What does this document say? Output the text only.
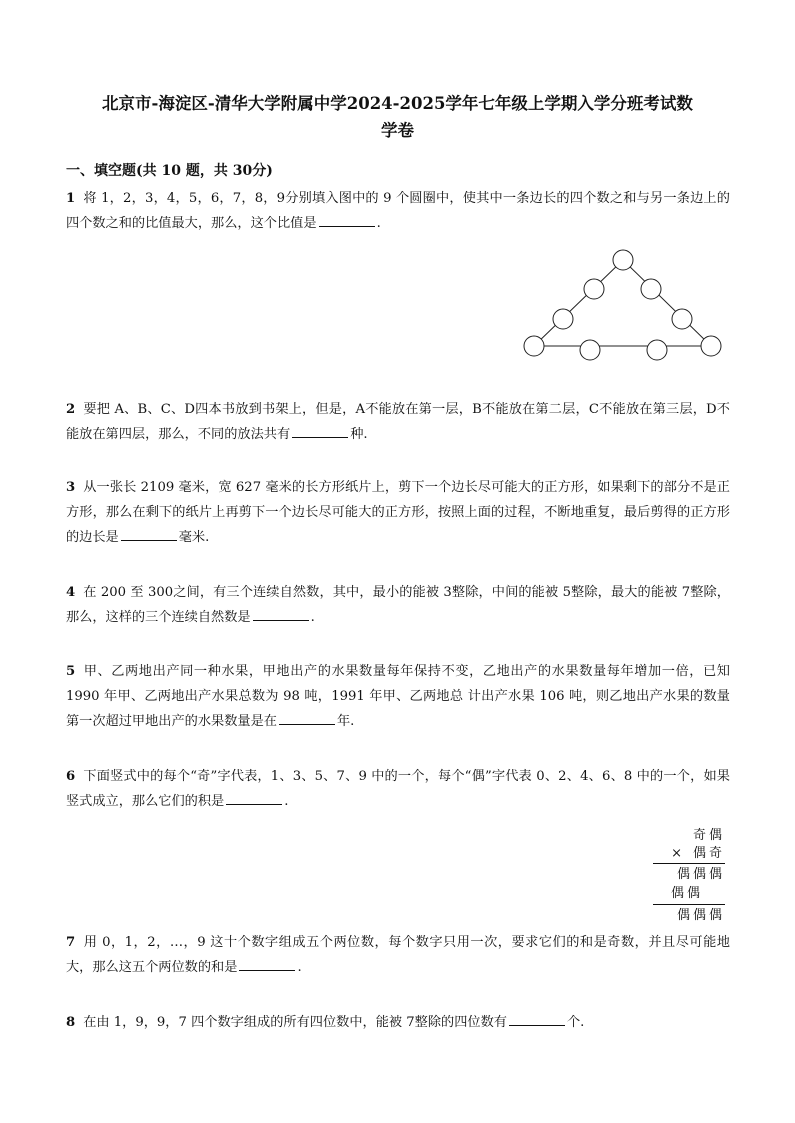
北京市-海淀区-清华大学附属中学2024-2025学年七年级上学期入学分班考试数
学卷
一、填空题(共 10 题，共 30分)
1 将 1，2，3，4，5，6，7，8，9分别填入图中的 9 个圆圈中，使其中一条边长的四个数之和与另一条边上的四个数之和的比值最大，那么，这个比值是	.
2 要把 A、B、C、D四本书放到书架上，但是，A不能放在第一层，B不能放在第二层，C不能放在第三层，D不能放在第四层，那么，不同的放法共有	种.
3 从一张长 2109 毫米，宽 627 毫米的长方形纸片上，剪下一个边长尽可能大的正方形，如果剩下的部分不是正方形，那么在剩下的纸片上再剪下一个边长尽可能大的正方形，按照上面的过程，不断地重复，最后剪得的正方形的边长是	毫米.
4 在 200 至 300之间，有三个连续自然数，其中，最小的能被 3整除，中间的能被 5整除，最大的能被 7整除，那么，这样的三个连续自然数是	.
5 甲、乙两地出产同一种水果，甲地出产的水果数量每年保持不变，乙地出产的水果数量每年增加一倍，已知 1990 年甲、乙两地出产水果总数为 98 吨，1991 年甲、乙两地总 计出产水果 106 吨，则乙地出产水果的数量第一次超过甲地出产的水果数量是在	年.
6 下面竖式中的每个“奇”字代表，1、3、5、7、9 中的一个，每个“偶”字代表 0、2、4、6、8 中的一个，如果竖式成立，那么它们的积是	.
奇偶
× 偶奇
偶偶偶
偶偶
偶偶偶
7 用 0，1，2，…，9 这十个数字组成五个两位数，每个数字只用一次，要求它们的和是奇数，并且尽可能地大，那么这五个两位数的和是	.
8 在由 1，9，9，7 四个数字组成的所有四位数中，能被 7整除的四位数有	个.
